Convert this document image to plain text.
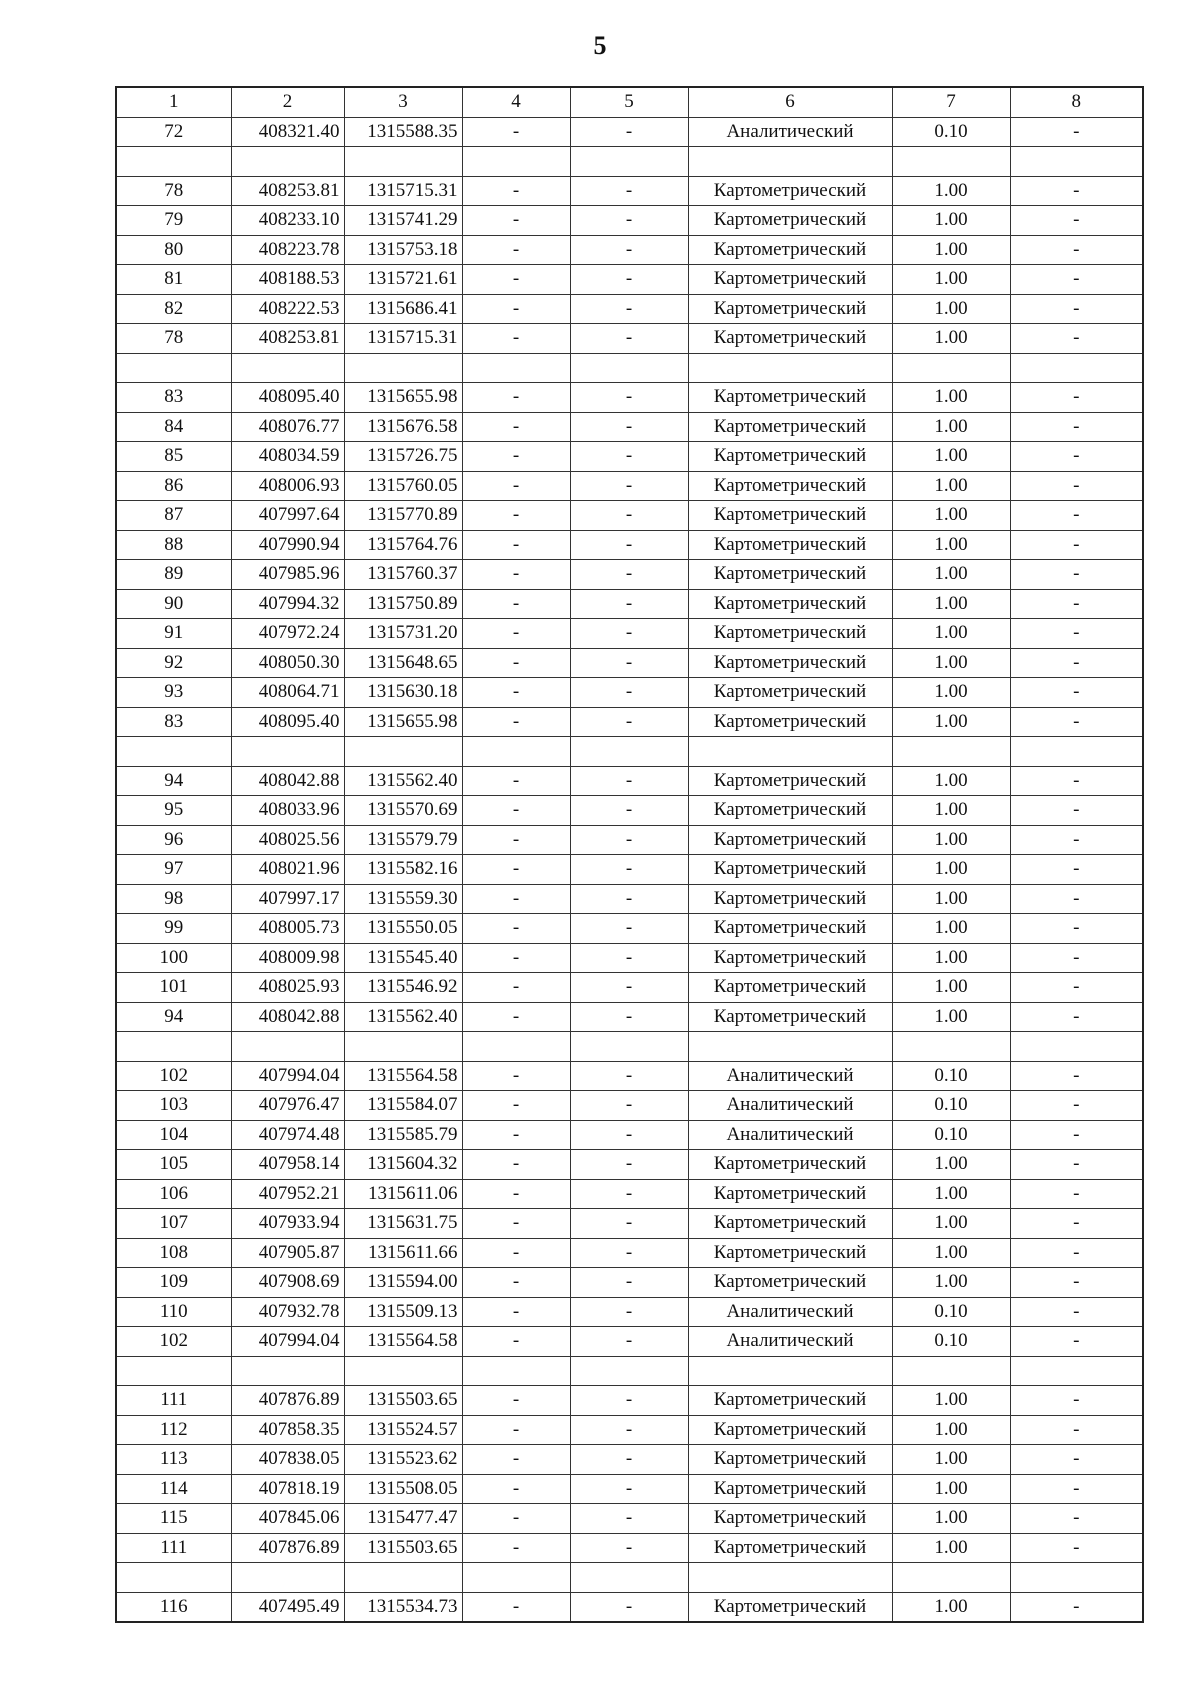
5
1	2	3	4	5	6	7	8
72	408321.40	1315588.35	-	-	Аналитический	0.10	-

78	408253.81	1315715.31	-	-	Картометрический	1.00	-
79	408233.10	1315741.29	-	-	Картометрический	1.00	-
80	408223.78	1315753.18	-	-	Картометрический	1.00	-
81	408188.53	1315721.61	-	-	Картометрический	1.00	-
82	408222.53	1315686.41	-	-	Картометрический	1.00	-
78	408253.81	1315715.31	-	-	Картометрический	1.00	-

83	408095.40	1315655.98	-	-	Картометрический	1.00	-
84	408076.77	1315676.58	-	-	Картометрический	1.00	-
85	408034.59	1315726.75	-	-	Картометрический	1.00	-
86	408006.93	1315760.05	-	-	Картометрический	1.00	-
87	407997.64	1315770.89	-	-	Картометрический	1.00	-
88	407990.94	1315764.76	-	-	Картометрический	1.00	-
89	407985.96	1315760.37	-	-	Картометрический	1.00	-
90	407994.32	1315750.89	-	-	Картометрический	1.00	-
91	407972.24	1315731.20	-	-	Картометрический	1.00	-
92	408050.30	1315648.65	-	-	Картометрический	1.00	-
93	408064.71	1315630.18	-	-	Картометрический	1.00	-
83	408095.40	1315655.98	-	-	Картометрический	1.00	-

94	408042.88	1315562.40	-	-	Картометрический	1.00	-
95	408033.96	1315570.69	-	-	Картометрический	1.00	-
96	408025.56	1315579.79	-	-	Картометрический	1.00	-
97	408021.96	1315582.16	-	-	Картометрический	1.00	-
98	407997.17	1315559.30	-	-	Картометрический	1.00	-
99	408005.73	1315550.05	-	-	Картометрический	1.00	-
100	408009.98	1315545.40	-	-	Картометрический	1.00	-
101	408025.93	1315546.92	-	-	Картометрический	1.00	-
94	408042.88	1315562.40	-	-	Картометрический	1.00	-

102	407994.04	1315564.58	-	-	Аналитический	0.10	-
103	407976.47	1315584.07	-	-	Аналитический	0.10	-
104	407974.48	1315585.79	-	-	Аналитический	0.10	-
105	407958.14	1315604.32	-	-	Картометрический	1.00	-
106	407952.21	1315611.06	-	-	Картометрический	1.00	-
107	407933.94	1315631.75	-	-	Картометрический	1.00	-
108	407905.87	1315611.66	-	-	Картометрический	1.00	-
109	407908.69	1315594.00	-	-	Картометрический	1.00	-
110	407932.78	1315509.13	-	-	Аналитический	0.10	-
102	407994.04	1315564.58	-	-	Аналитический	0.10	-

111	407876.89	1315503.65	-	-	Картометрический	1.00	-
112	407858.35	1315524.57	-	-	Картометрический	1.00	-
113	407838.05	1315523.62	-	-	Картометрический	1.00	-
114	407818.19	1315508.05	-	-	Картометрический	1.00	-
115	407845.06	1315477.47	-	-	Картометрический	1.00	-
111	407876.89	1315503.65	-	-	Картометрический	1.00	-

116	407495.49	1315534.73	-	-	Картометрический	1.00	-
